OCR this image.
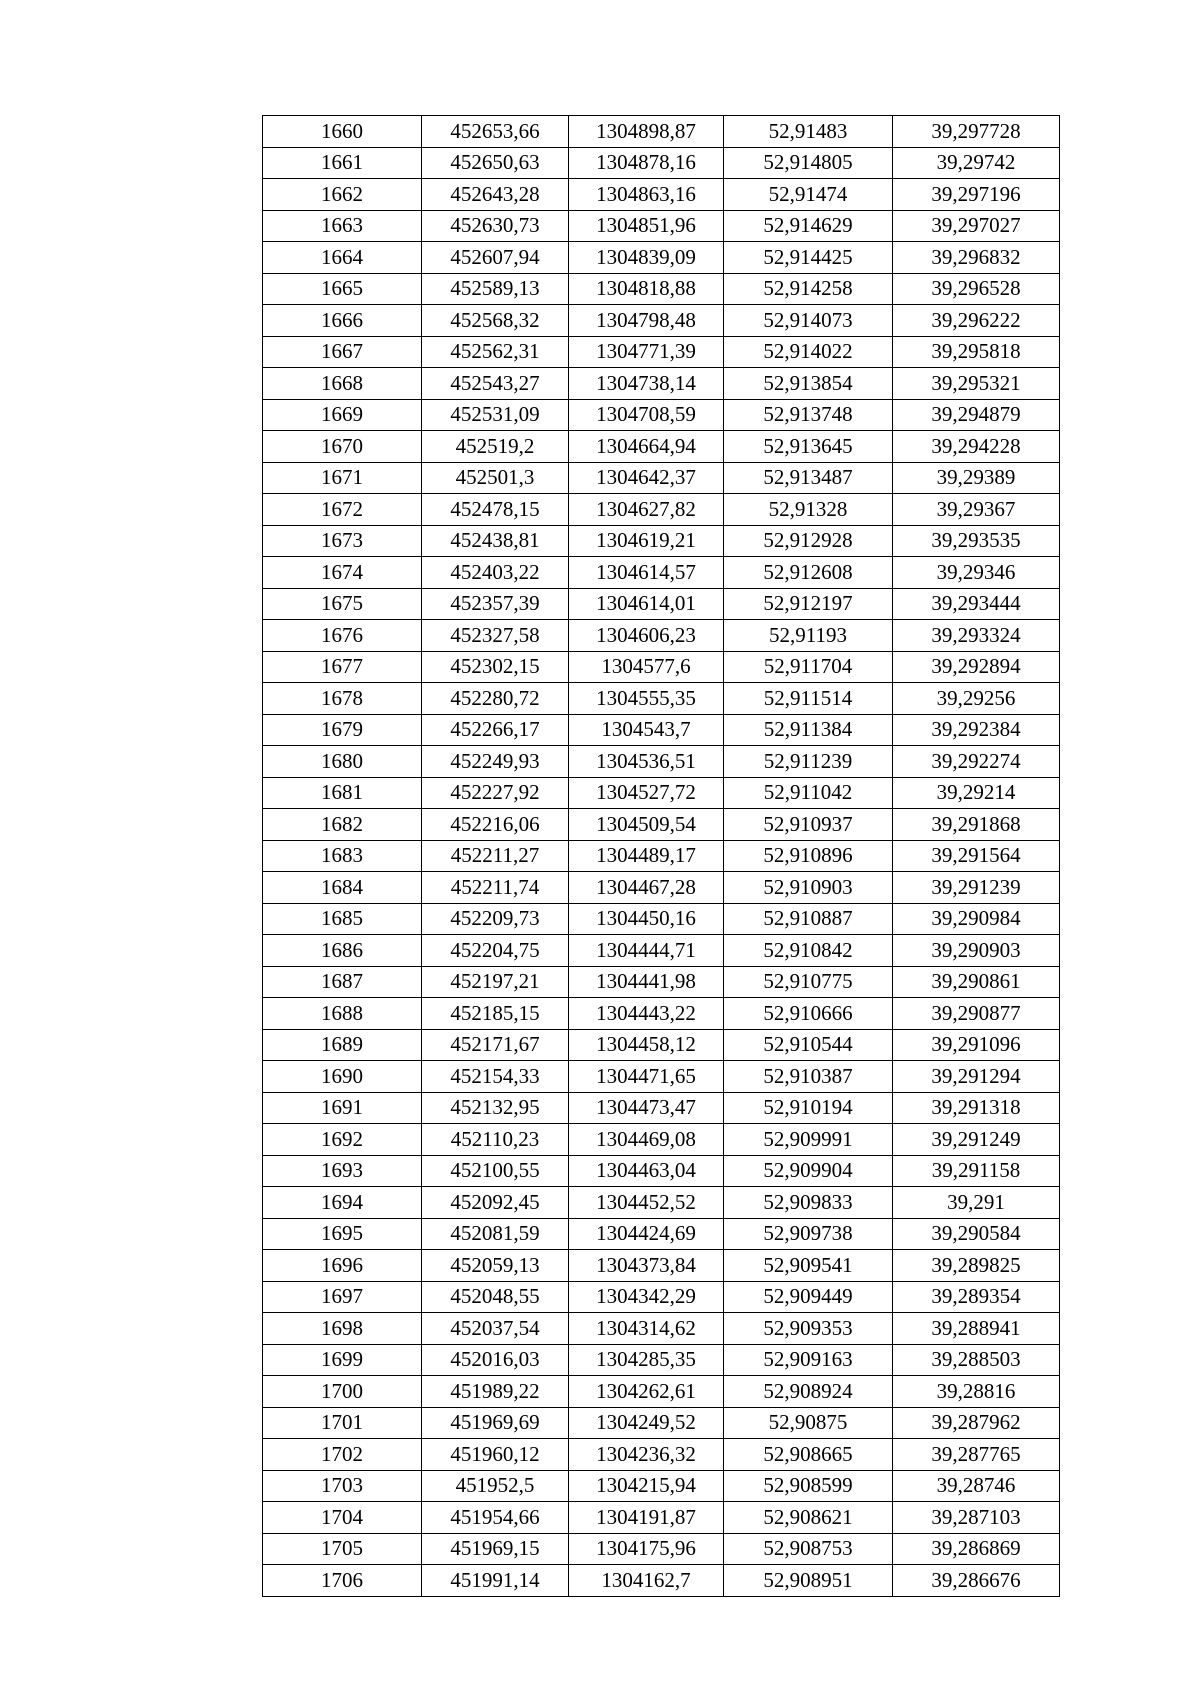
1660	452653,66	1304898,87	52,91483	39,297728
1661	452650,63	1304878,16	52,914805	39,29742
1662	452643,28	1304863,16	52,91474	39,297196
1663	452630,73	1304851,96	52,914629	39,297027
1664	452607,94	1304839,09	52,914425	39,296832
1665	452589,13	1304818,88	52,914258	39,296528
1666	452568,32	1304798,48	52,914073	39,296222
1667	452562,31	1304771,39	52,914022	39,295818
1668	452543,27	1304738,14	52,913854	39,295321
1669	452531,09	1304708,59	52,913748	39,294879
1670	452519,2	1304664,94	52,913645	39,294228
1671	452501,3	1304642,37	52,913487	39,29389
1672	452478,15	1304627,82	52,91328	39,29367
1673	452438,81	1304619,21	52,912928	39,293535
1674	452403,22	1304614,57	52,912608	39,29346
1675	452357,39	1304614,01	52,912197	39,293444
1676	452327,58	1304606,23	52,91193	39,293324
1677	452302,15	1304577,6	52,911704	39,292894
1678	452280,72	1304555,35	52,911514	39,29256
1679	452266,17	1304543,7	52,911384	39,292384
1680	452249,93	1304536,51	52,911239	39,292274
1681	452227,92	1304527,72	52,911042	39,29214
1682	452216,06	1304509,54	52,910937	39,291868
1683	452211,27	1304489,17	52,910896	39,291564
1684	452211,74	1304467,28	52,910903	39,291239
1685	452209,73	1304450,16	52,910887	39,290984
1686	452204,75	1304444,71	52,910842	39,290903
1687	452197,21	1304441,98	52,910775	39,290861
1688	452185,15	1304443,22	52,910666	39,290877
1689	452171,67	1304458,12	52,910544	39,291096
1690	452154,33	1304471,65	52,910387	39,291294
1691	452132,95	1304473,47	52,910194	39,291318
1692	452110,23	1304469,08	52,909991	39,291249
1693	452100,55	1304463,04	52,909904	39,291158
1694	452092,45	1304452,52	52,909833	39,291
1695	452081,59	1304424,69	52,909738	39,290584
1696	452059,13	1304373,84	52,909541	39,289825
1697	452048,55	1304342,29	52,909449	39,289354
1698	452037,54	1304314,62	52,909353	39,288941
1699	452016,03	1304285,35	52,909163	39,288503
1700	451989,22	1304262,61	52,908924	39,28816
1701	451969,69	1304249,52	52,90875	39,287962
1702	451960,12	1304236,32	52,908665	39,287765
1703	451952,5	1304215,94	52,908599	39,28746
1704	451954,66	1304191,87	52,908621	39,287103
1705	451969,15	1304175,96	52,908753	39,286869
1706	451991,14	1304162,7	52,908951	39,286676
